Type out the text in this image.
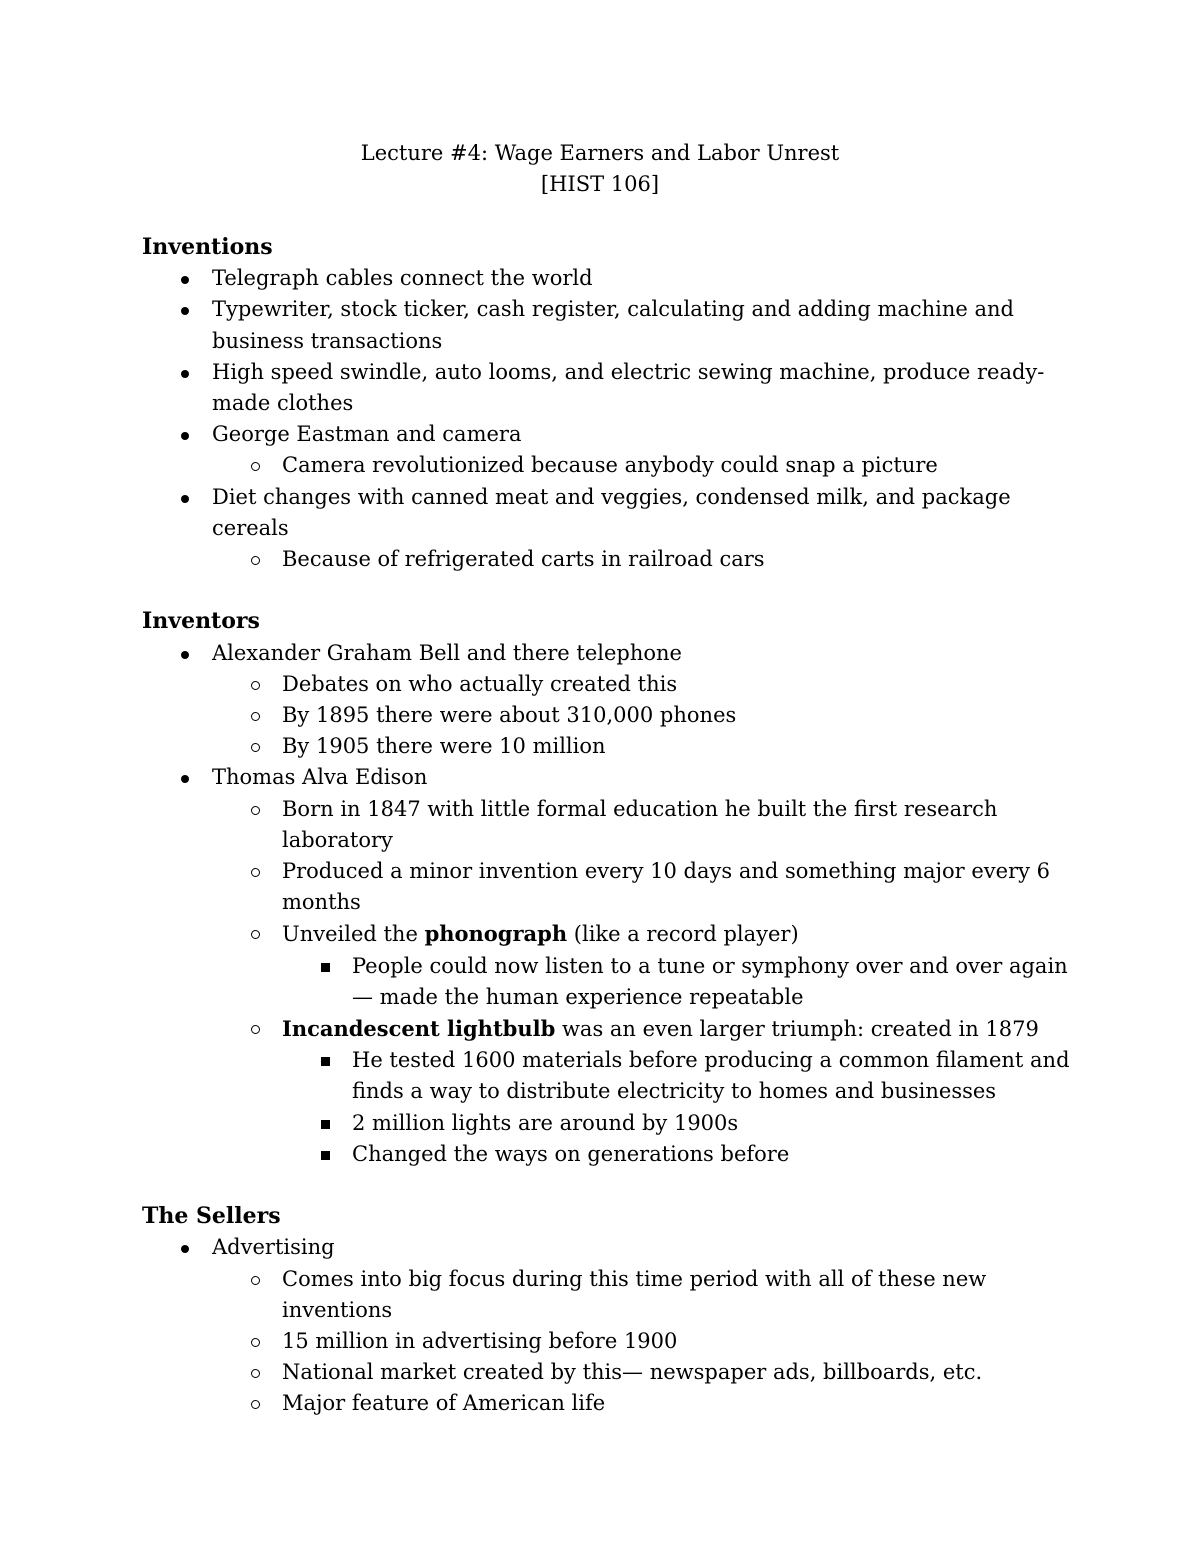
Lecture #4: Wage Earners and Labor Unrest
[HIST 106]
Inventions
Telegraph cables connect the world
Typewriter, stock ticker, cash register, calculating and adding machine and business transactions
High speed swindle, auto looms, and electric sewing machine, produce ready-made clothes
George Eastman and camera
Camera revolutionized because anybody could snap a picture
Diet changes with canned meat and veggies, condensed milk, and package cereals
Because of refrigerated carts in railroad cars
Inventors
Alexander Graham Bell and there telephone
Debates on who actually created this
By 1895 there were about 310,000 phones
By 1905 there were 10 million
Thomas Alva Edison
Born in 1847 with little formal education he built the first research laboratory
Produced a minor invention every 10 days and something major every 6 months
Unveiled the phonograph (like a record player)
People could now listen to a tune or symphony over and over again— made the human experience repeatable
Incandescent lightbulb was an even larger triumph: created in 1879
He tested 1600 materials before producing a common filament and finds a way to distribute electricity to homes and businesses
2 million lights are around by 1900s
Changed the ways on generations before
The Sellers
Advertising
Comes into big focus during this time period with all of these new inventions
15 million in advertising before 1900
National market created by this— newspaper ads, billboards, etc.
Major feature of American life
